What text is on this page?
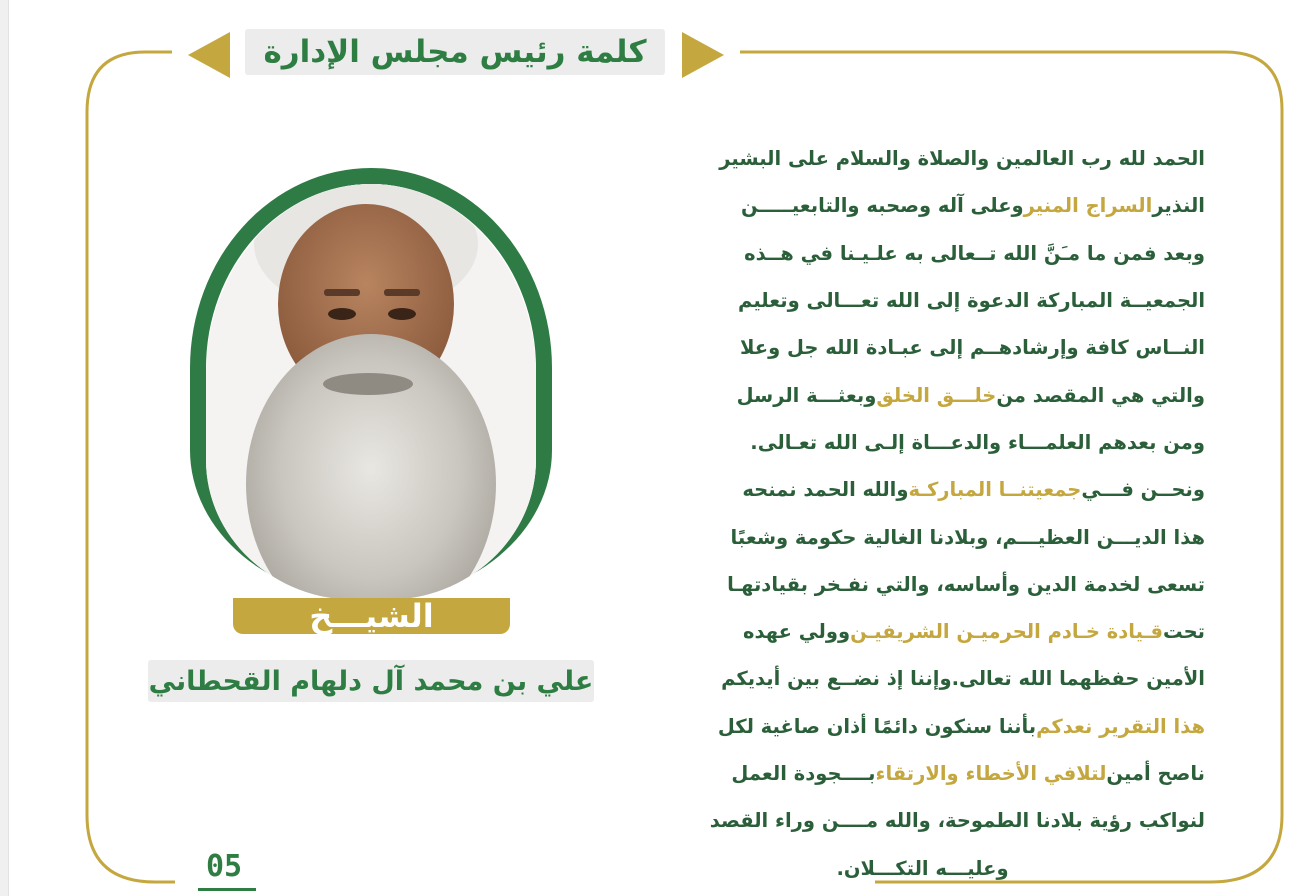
كلمة رئيس مجلس الإدارة
الشيـــخ
علي بن محمد آل دلهام القحطاني
الحمد لله رب العالمين والصلاة والسلام على البشير
النذير
السراج المنير
وعلى آله وصحبه والتابعيـــــن
وبعد فمن ما مـَنَّ الله تــعالى به علـيـنا في هــذه
الجمعيــة المباركة الدعوة إلى الله تعـــالى وتعليم
النــاس كافة وإرشادهــم إلى عبـادة الله جل وعلا
والتي هي المقصد من
خلـــق الخلق
وبعثـــة الرسل
ومن بعدهم العلمـــاء والدعـــاة إلـى الله تعـالى.
ونحــن فـــي
جمعيتنــا المباركـة
والله الحمد نمنحه
هذا الديـــن العظيـــم، وبلادنا الغالية حكومة وشعبًا
تسعى لخدمة الدين وأساسه، والتي نفـخر بقيادتهـا
تحت
قـيادة خـادم الحرميـن الشريفيـن
وولي عهده
الأمين حفظهما الله تعالى.وإننا إذ نضــع بين أيديكم
هذا التقرير نعدكم
بأننا سنكون دائمًا أذان صاغية لكل
ناصح أمين
لتلافي الأخطاء والارتقاء
بــــجودة العمل
لنواكب رؤية بلادنا الطموحة، والله مــــن وراء القصد
وعليـــه التكـــلان.
05
